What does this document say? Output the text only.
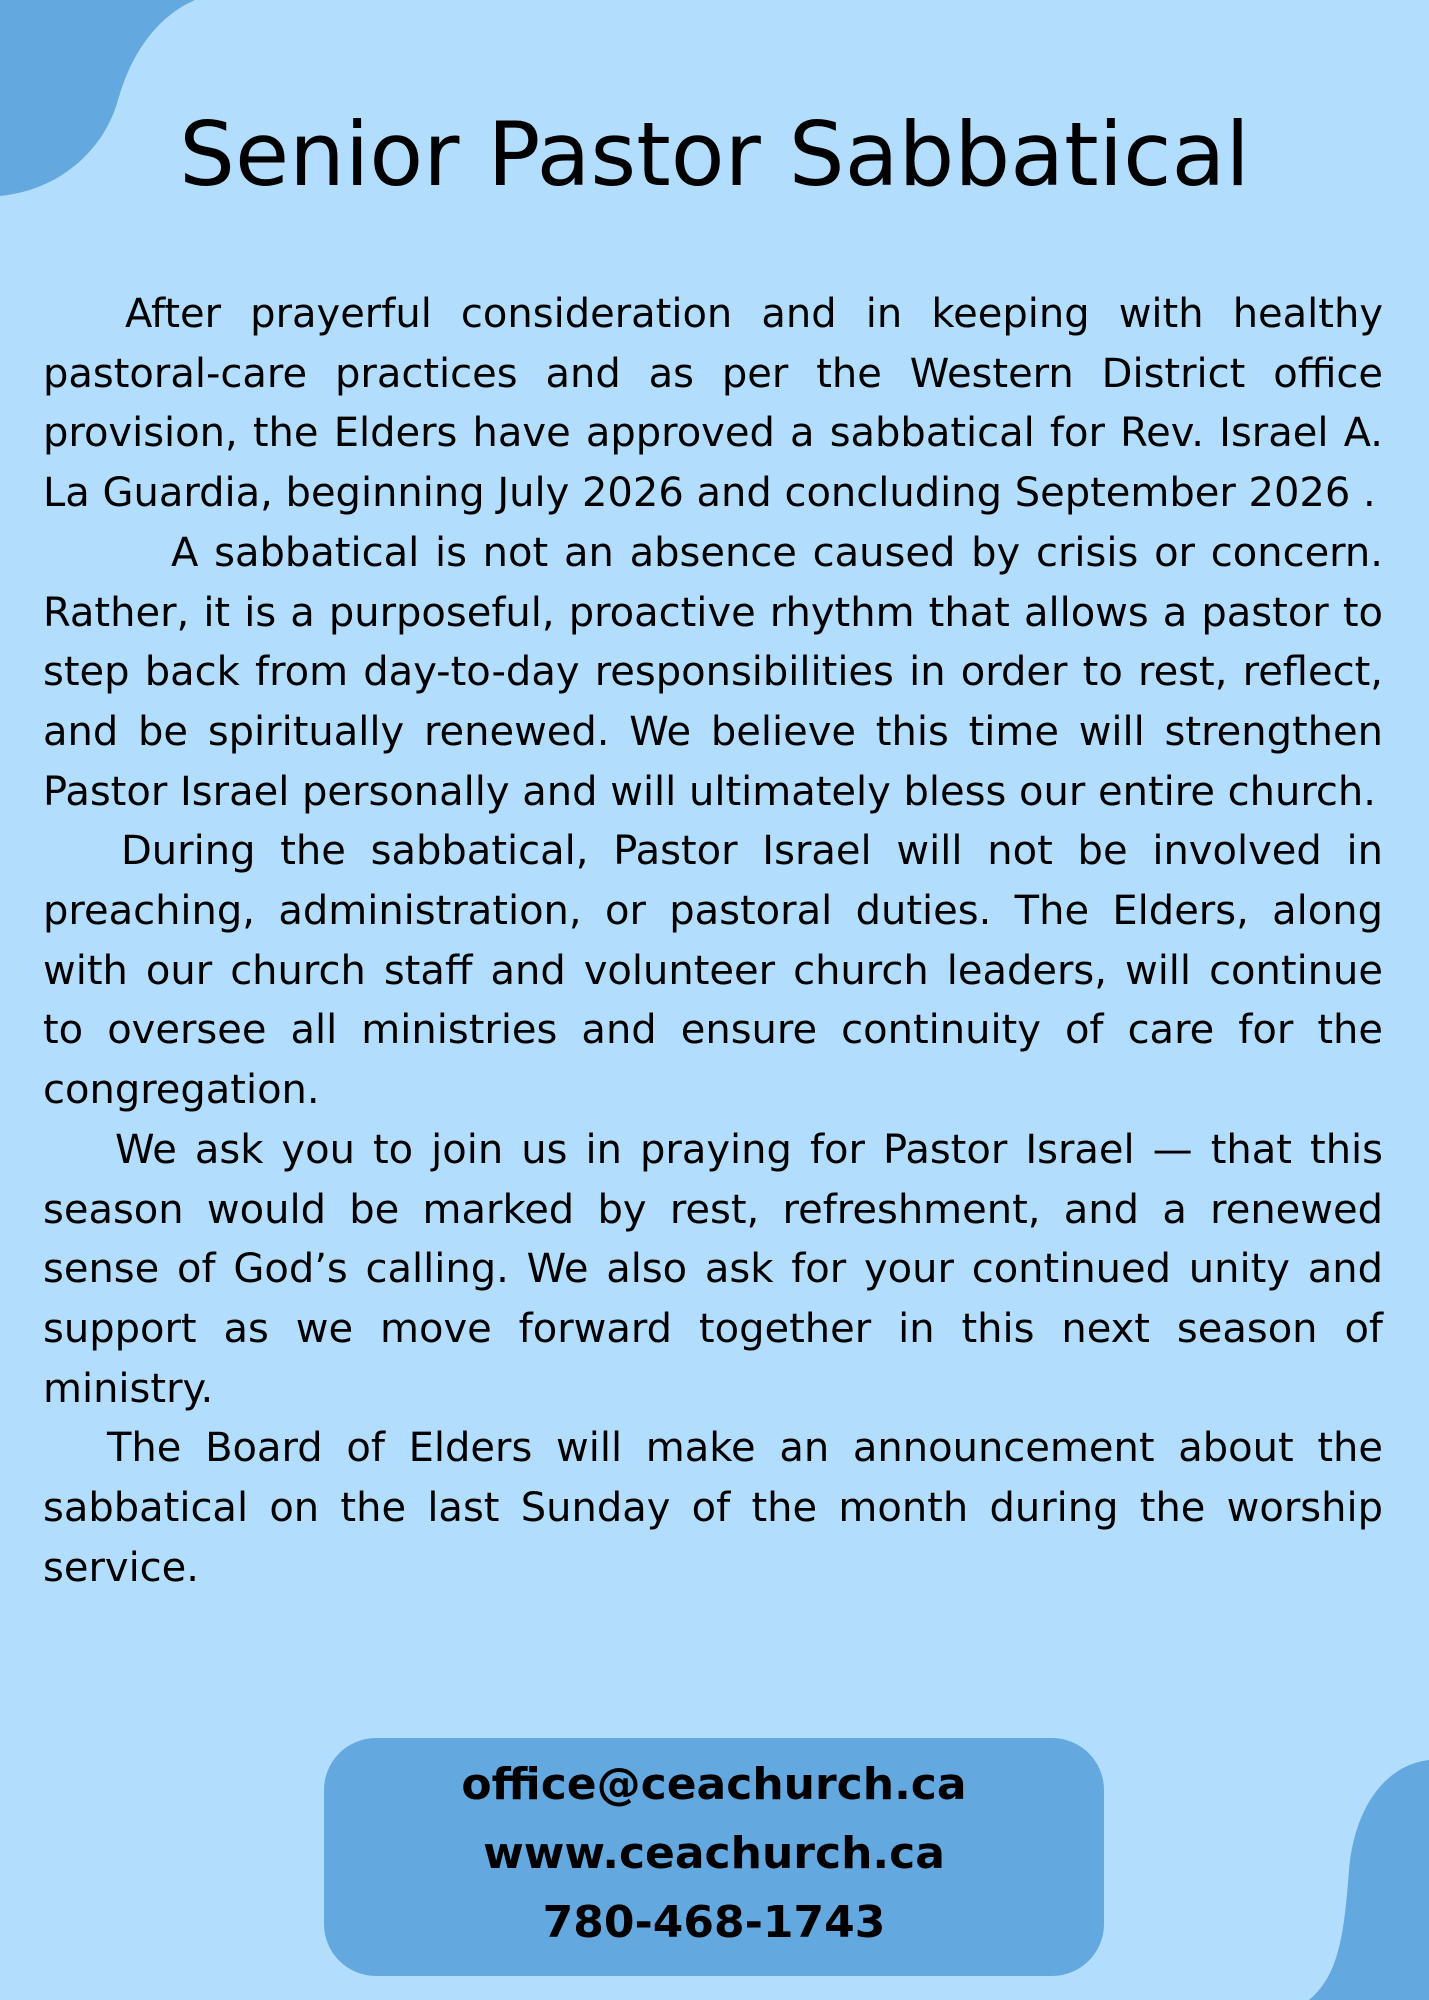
Senior Pastor Sabbatical

After prayerful consideration and in keeping with healthy pastoral-care practices and as per the Western District office provision, the Elders have approved a sabbatical for Rev. Israel A. La Guardia, beginning July 2026 and concluding September 2026 .

A sabbatical is not an absence caused by crisis or concern. Rather, it is a purposeful, proactive rhythm that allows a pastor to step back from day-to-day responsibilities in order to rest, reflect, and be spiritually renewed. We believe this time will strengthen Pastor Israel personally and will ultimately bless our entire church.

During the sabbatical, Pastor Israel will not be involved in preaching, administration, or pastoral duties. The Elders, along with our church staff and volunteer church leaders, will continue to oversee all ministries and ensure continuity of care for the congregation.

We ask you to join us in praying for Pastor Israel — that this season would be marked by rest, refreshment, and a renewed sense of God’s calling. We also ask for your continued unity and support as we move forward together in this next season of ministry.

The Board of Elders will make an announcement about the sabbatical on the last Sunday of the month during the worship service.

office@ceachurch.ca
www.ceachurch.ca
780-468-1743
